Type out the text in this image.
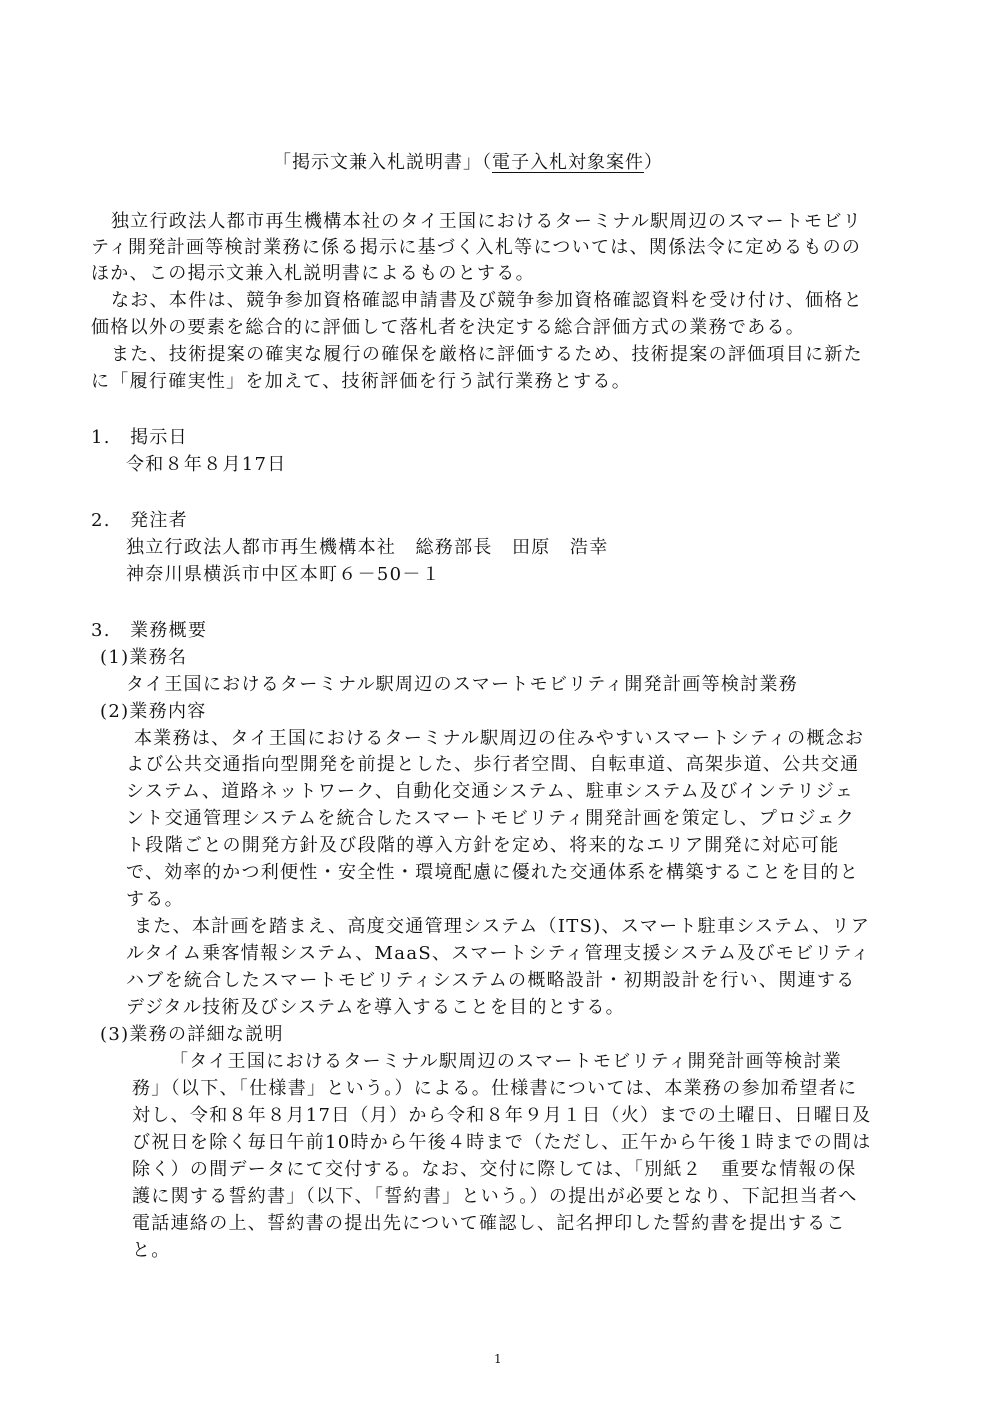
「掲示文兼入札説明書」（電子入札対象案件）
独立行政法人都市再生機構本社のタイ王国におけるターミナル駅周辺のスマートモビリ
ティ開発計画等検討業務に係る掲示に基づく入札等については、関係法令に定めるものの
ほか、この掲示文兼入札説明書によるものとする。
なお、本件は、競争参加資格確認申請書及び競争参加資格確認資料を受け付け、価格と
価格以外の要素を総合的に評価して落札者を決定する総合評価方式の業務である。
また、技術提案の確実な履行の確保を厳格に評価するため、技術提案の評価項目に新た
に「履行確実性」を加えて、技術評価を行う試行業務とする。
1.　掲示日
令和８年８月17日
2.　発注者
独立行政法人都市再生機構本社　総務部長　田原　浩幸
神奈川県横浜市中区本町６－50－１
3.　業務概要
(1)業務名
タイ王国におけるターミナル駅周辺のスマートモビリティ開発計画等検討業務
(2)業務内容
本業務は、タイ王国におけるターミナル駅周辺の住みやすいスマートシティの概念お
よび公共交通指向型開発を前提とした、歩行者空間、自転車道、高架歩道、公共交通
システム、道路ネットワーク、自動化交通システム、駐車システム及びインテリジェ
ント交通管理システムを統合したスマートモビリティ開発計画を策定し、プロジェク
ト段階ごとの開発方針及び段階的導入方針を定め、将来的なエリア開発に対応可能
で、効率的かつ利便性・安全性・環境配慮に優れた交通体系を構築することを目的と
する。
また、本計画を踏まえ、高度交通管理システム（ITS)、スマート駐車システム、リア
ルタイム乗客情報システム、MaaS、スマートシティ管理支援システム及びモビリティ
ハブを統合したスマートモビリティシステムの概略設計・初期設計を行い、関連する
デジタル技術及びシステムを導入することを目的とする。
(3)業務の詳細な説明
「タイ王国におけるターミナル駅周辺のスマートモビリティ開発計画等検討業
務」（以下、「仕様書」という。）による。仕様書については、本業務の参加希望者に
対し、令和８年８月17日（月）から令和８年９月１日（火）までの土曜日、日曜日及
び祝日を除く毎日午前10時から午後４時まで（ただし、正午から午後１時までの間は
除く）の間データにて交付する。なお、交付に際しては、「別紙２　重要な情報の保
護に関する誓約書」（以下、「誓約書」という。）の提出が必要となり、下記担当者へ
電話連絡の上、誓約書の提出先について確認し、記名押印した誓約書を提出するこ
と。
1
